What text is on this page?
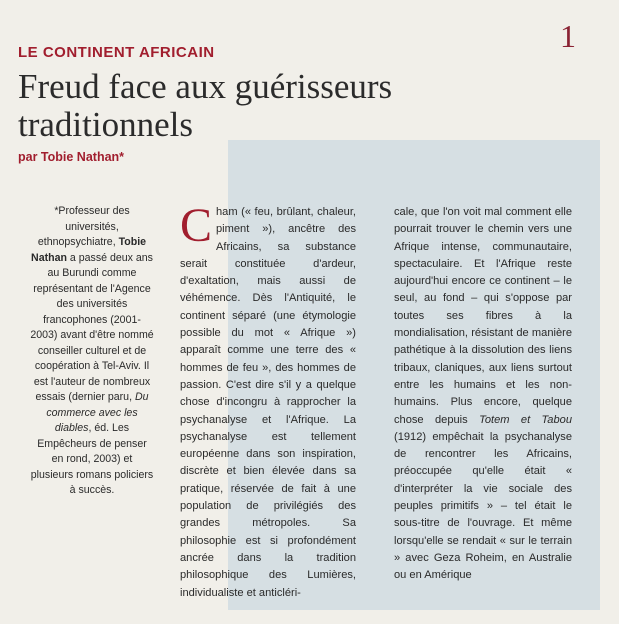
1
LE CONTINENT AFRICAIN
Freud face aux guérisseurs traditionnels
par Tobie Nathan*
*Professeur des universités, ethnopsychiatre, Tobie Nathan a passé deux ans au Burundi comme représentant de l'Agence des universités francophones (2001-2003) avant d'être nommé conseiller culturel et de coopération à Tel-Aviv. Il est l'auteur de nombreux essais (dernier paru, Du commerce avec les diables, éd. Les Empêcheurs de penser en rond, 2003) et plusieurs romans policiers à succès.
Cham (« feu, brûlant, chaleur, piment »), ancêtre des Africains, sa substance serait constituée d'ardeur, d'exaltation, mais aussi de véhémence. Dès l'Antiquité, le continent séparé (une étymologie possible du mot « Afrique ») apparaît comme une terre des « hommes de feu », des hommes de passion. C'est dire s'il y a quelque chose d'incongru à rapprocher la psychanalyse et l'Afrique. La psychanalyse est tellement européenne dans son inspiration, discrète et bien élevée dans sa pratique, réservée de fait à une population de privilégiés des grandes métropoles. Sa philosophie est si profondément ancrée dans la tradition philosophique des Lumières, individualiste et anticléri-
cale, que l'on voit mal comment elle pourrait trouver le chemin vers une Afrique intense, communautaire, spectaculaire. Et l'Afrique reste aujourd'hui encore ce continent – le seul, au fond – qui s'oppose par toutes ses fibres à la mondialisation, résistant de manière pathétique à la dissolution des liens tribaux, claniques, aux liens surtout entre les humains et les non-humains. Plus encore, quelque chose depuis Totem et Tabou (1912) empêchait la psychanalyse de rencontrer les Africains, préoccupée qu'elle était « d'interpréter la vie sociale des peuples primitifs » – tel était le sous-titre de l'ouvrage. Et même lorsqu'elle se rendait « sur le terrain » avec Geza Roheim, en Australie ou en Amérique
